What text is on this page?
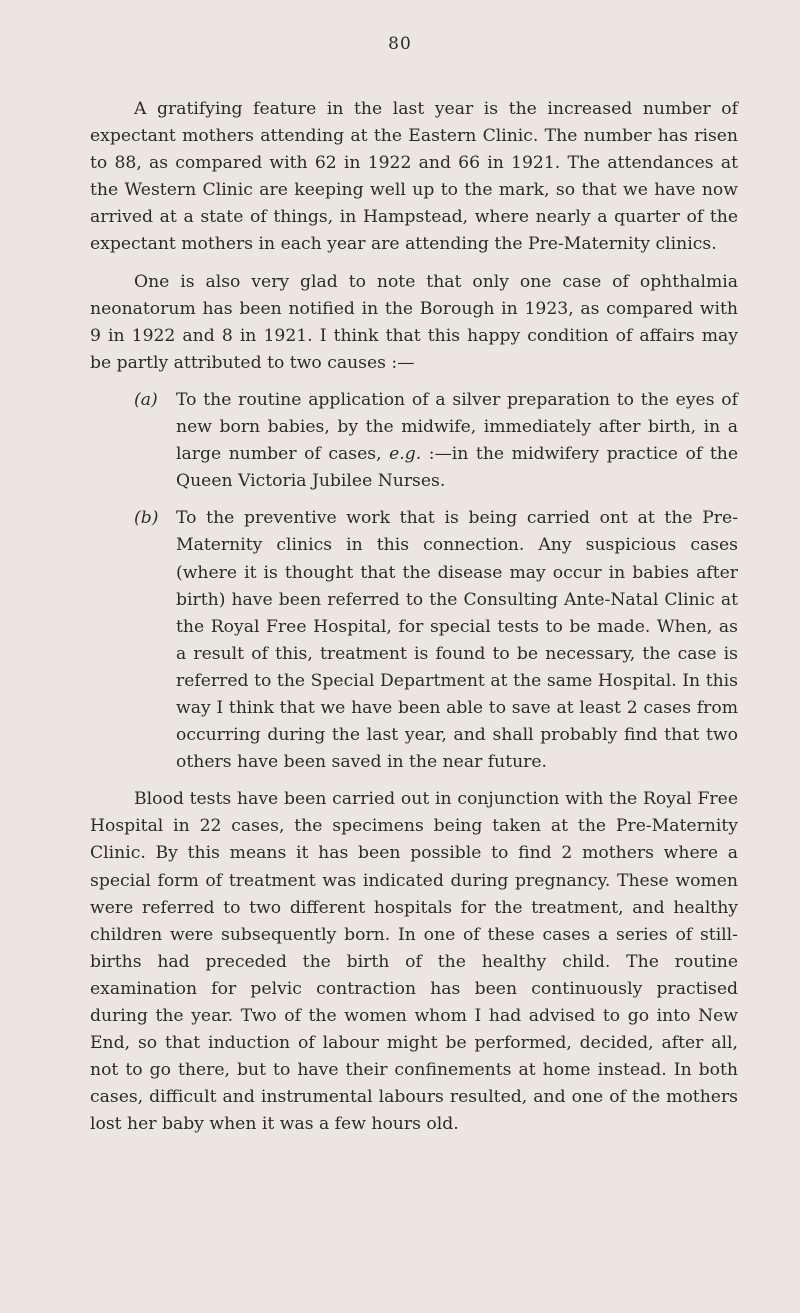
80

A gratifying feature in the last year is the increased number of expectant mothers attending at the Eastern Clinic. The number has risen to 88, as compared with 62 in 1922 and 66 in 1921. The attendances at the Western Clinic are keeping well up to the mark, so that we have now arrived at a state of things, in Hampstead, where nearly a quarter of the expectant mothers in each year are attending the Pre-Maternity clinics.

One is also very glad to note that only one case of ophthalmia neonatorum has been notified in the Borough in 1923, as compared with 9 in 1922 and 8 in 1921. I think that this happy condition of affairs may be partly attributed to two causes :—

(a) To the routine application of a silver preparation to the eyes of new born babies, by the midwife, immediately after birth, in a large number of cases, e.g. :—in the midwifery practice of the Queen Victoria Jubilee Nurses.

(b) To the preventive work that is being carried ont at the Pre-Maternity clinics in this connection. Any suspicious cases (where it is thought that the disease may occur in babies after birth) have been referred to the Consulting Ante-Natal Clinic at the Royal Free Hospital, for special tests to be made. When, as a result of this, treatment is found to be necessary, the case is referred to the Special Department at the same Hospital. In this way I think that we have been able to save at least 2 cases from occurring during the last year, and shall probably find that two others have been saved in the near future.

Blood tests have been carried out in conjunction with the Royal Free Hospital in 22 cases, the specimens being taken at the Pre-Maternity Clinic. By this means it has been possible to find 2 mothers where a special form of treatment was indicated during pregnancy. These women were referred to two different hospitals for the treatment, and healthy children were subsequently born. In one of these cases a series of still-births had preceded the birth of the healthy child. The routine examination for pelvic contraction has been continuously practised during the year. Two of the women whom I had advised to go into New End, so that induction of labour might be performed, decided, after all, not to go there, but to have their confinements at home instead. In both cases, difficult and instrumental labours resulted, and one of the mothers lost her baby when it was a few hours old.
